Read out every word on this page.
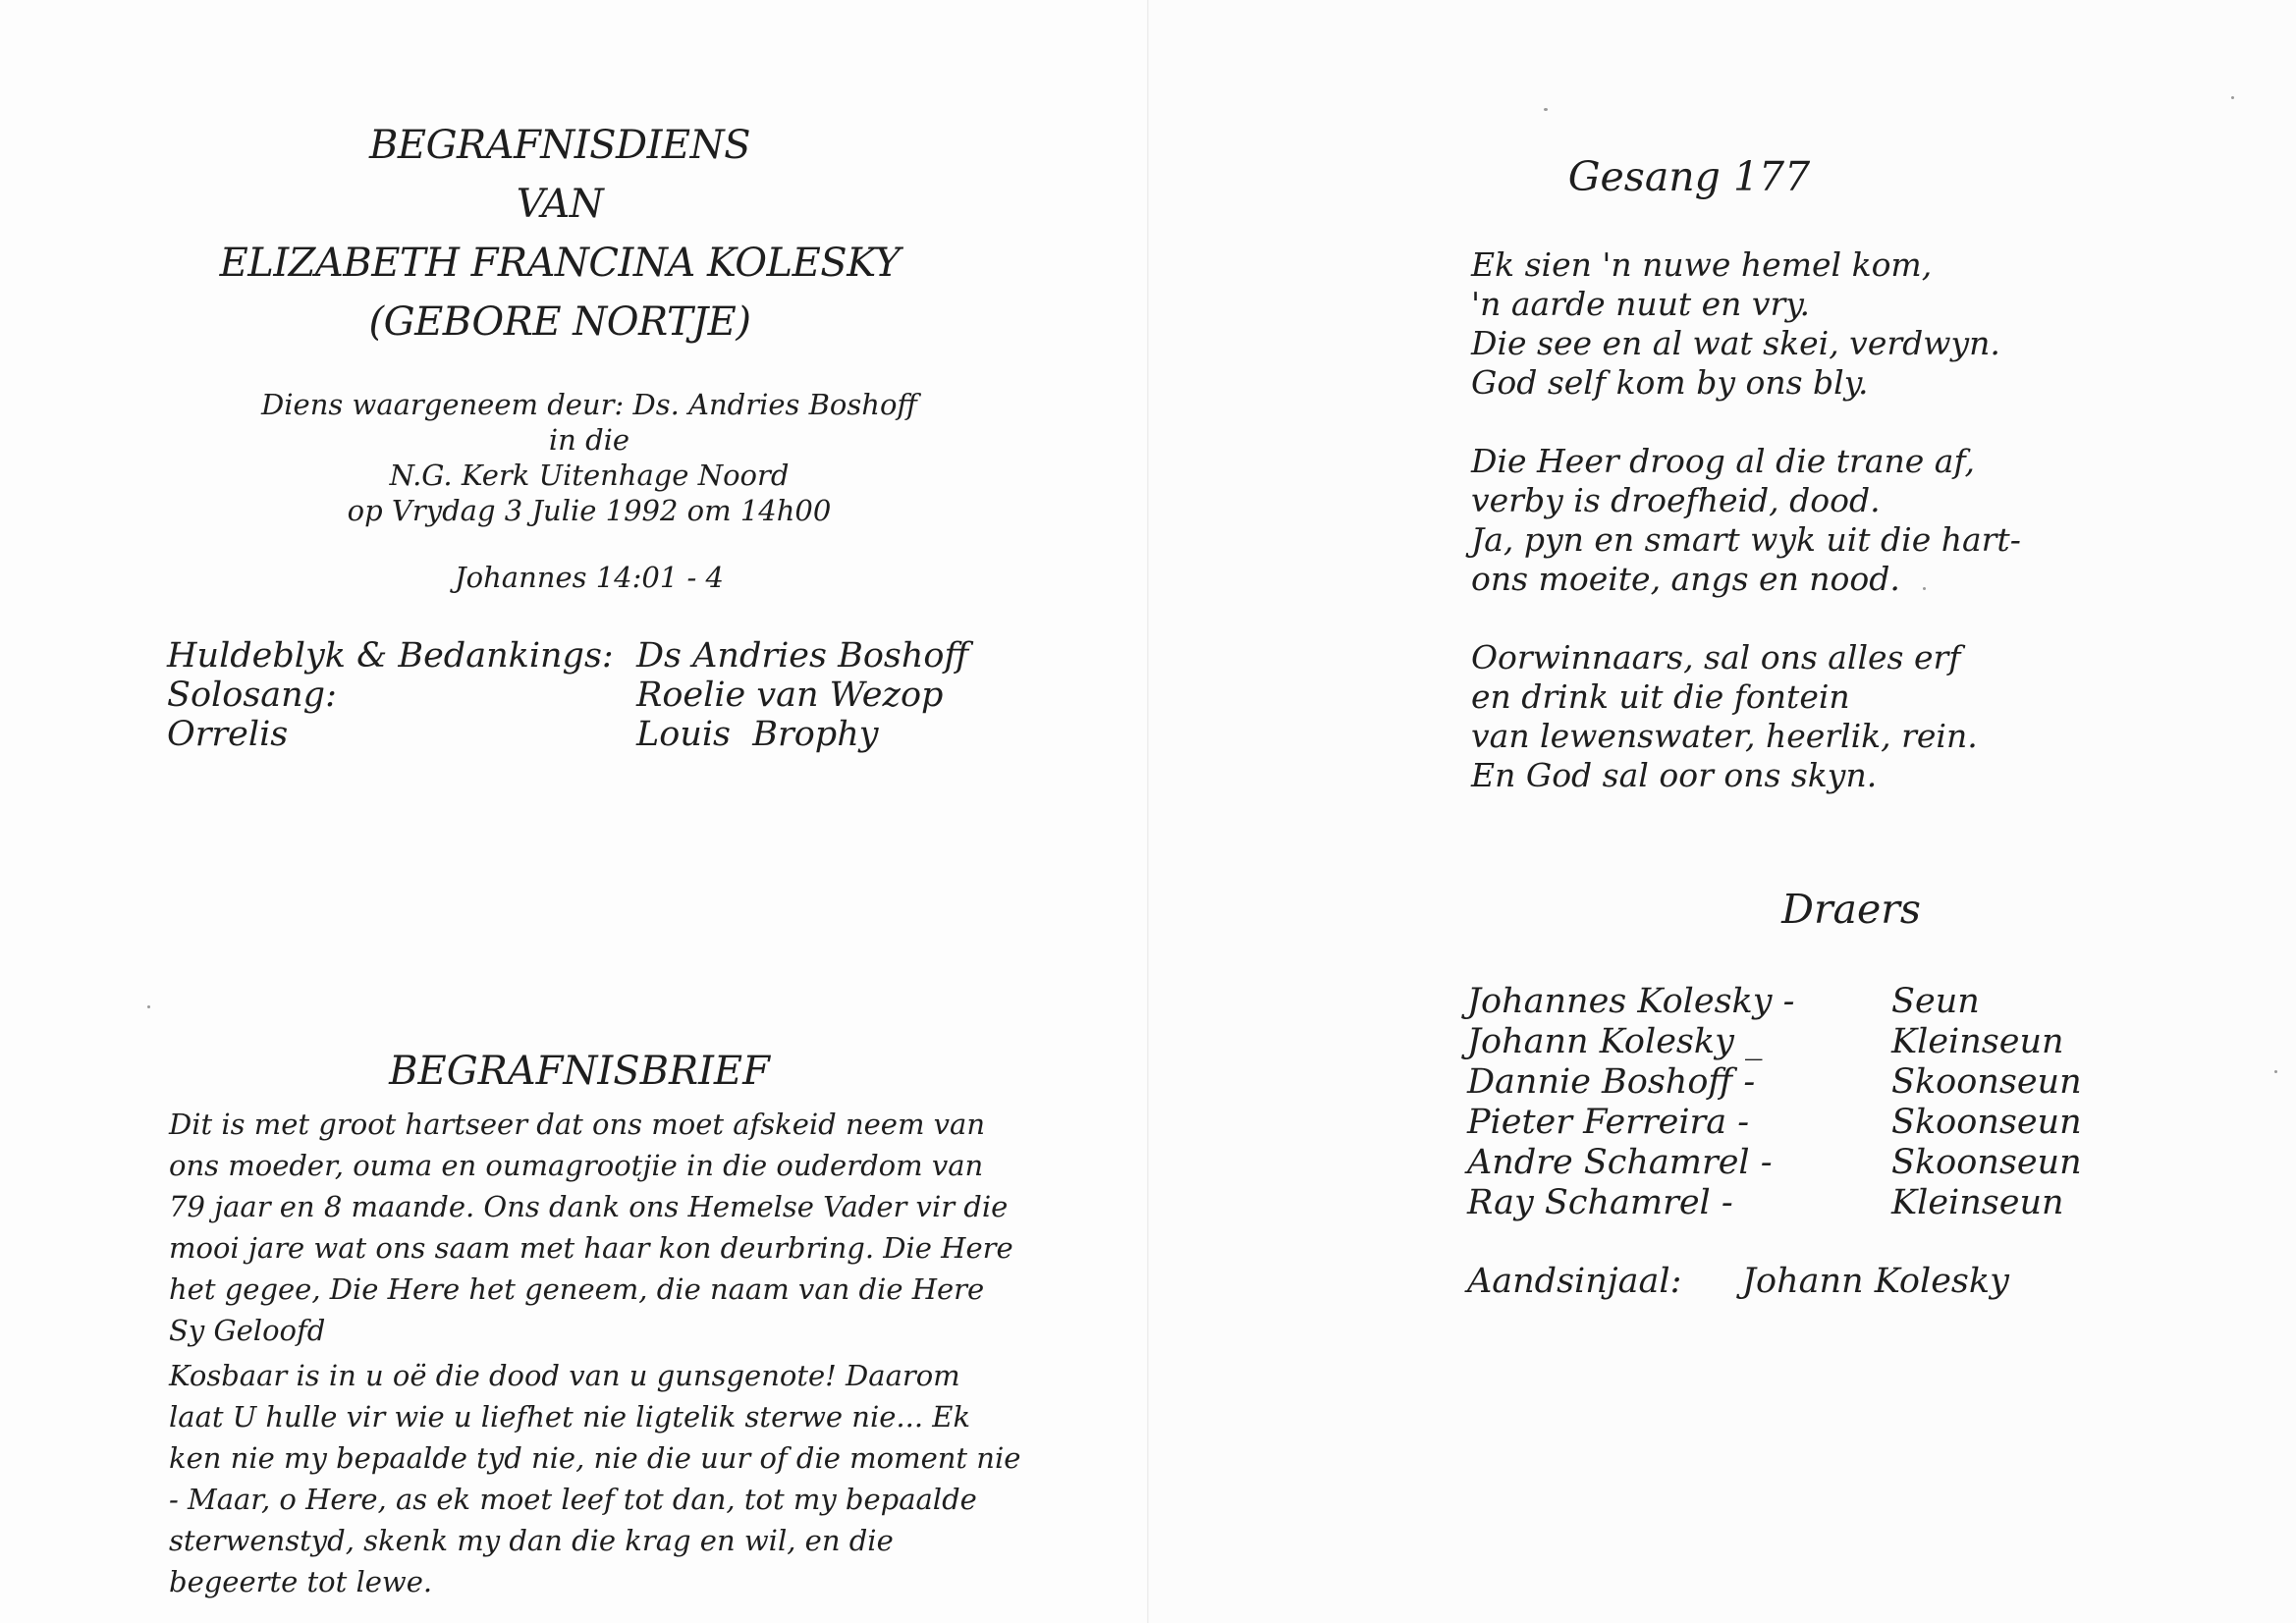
BEGRAFNISDIENS
VAN
ELIZABETH FRANCINA KOLESKY
(GEBORE NORTJE)
Diens waargeneem deur: Ds. Andries Boshoff
in die
N.G. Kerk Uitenhage Noord
op Vrydag 3 Julie 1992 om 14h00
Johannes 14:01 - 4
Huldeblyk & Bedankings: Ds Andries Boshoff
Solosang:	Roelie van Wezop
Orrelis	Louis  Brophy
BEGRAFNISBRIEF

Dit is met groot hartseer dat ons moet afskeid neem van ons moeder, ouma en oumagrootjie in die ouderdom van 79 jaar en 8 maande. Ons dank ons Hemelse Vader vir die mooi jare wat ons saam met haar kon deurbring. Die Here het gegee, Die Here het geneem, die naam van die Here Sy Geloofd

Kosbaar is in u oë die dood van u gunsgenote! Daarom laat U hulle vir wie u liefhet nie ligtelik sterwe nie... Ek ken nie my bepaalde tyd nie, nie die uur of die moment nie - Maar, o Here, as ek moet leef tot dan, tot my bepaalde sterwenstyd, skenk my dan die krag en wil, en die begeerte tot lewe.

Gesang 177
Ek sien 'n nuwe hemel kom,
'n aarde nuut en vry.
Die see en al wat skei, verdwyn.
God self kom by ons bly.
Die Heer droog al die trane af,
verby is droefheid, dood.
Ja, pyn en smart wyk uit die hart-
ons moeite, angs en nood.
Oorwinnaars, sal ons alles erf
en drink uit die fontein
van lewenswater, heerlik, rein.
En God sal oor ons skyn.
Draers
Johannes Kolesky -	Seun
Johann Kolesky _	Kleinseun
Dannie Boshoff -	Skoonseun
Pieter Ferreira -	Skoonseun
Andre Schamrel -	Skoonseun
Ray Schamrel -	Kleinseun
Aandsinjaal:	Johann Kolesky
